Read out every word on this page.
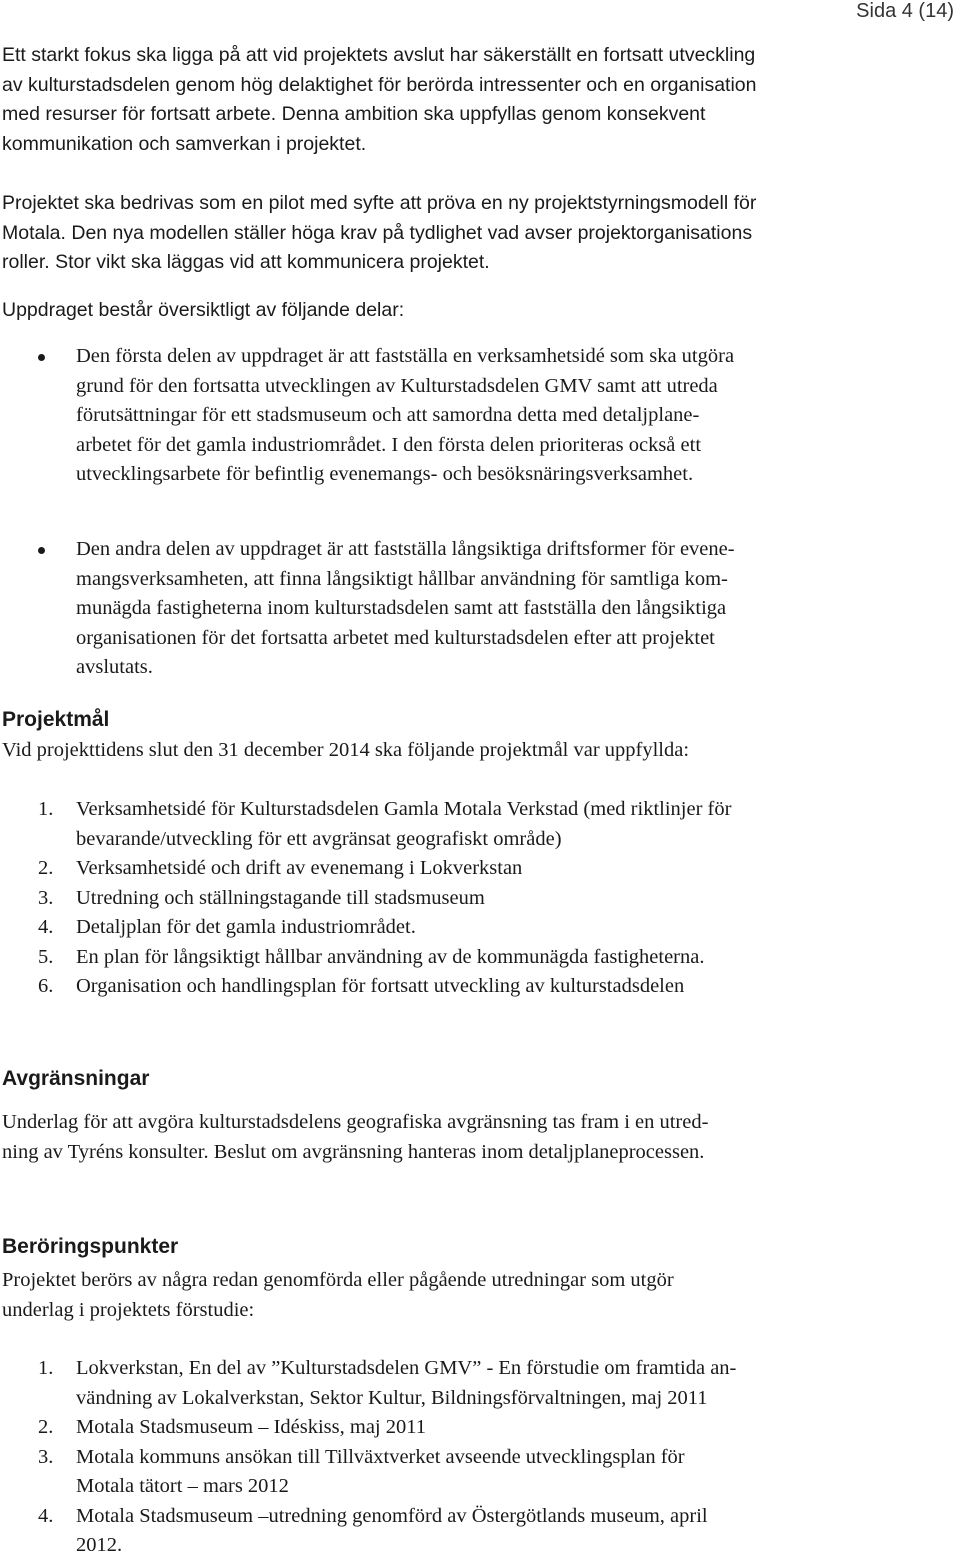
Sida 4 (14)
Ett starkt fokus ska ligga på att vid projektets avslut har säkerställt en fortsatt utveckling
av kulturstadsdelen genom hög delaktighet för berörda intressenter och en organisation
med resurser för fortsatt arbete. Denna ambition ska uppfyllas genom konsekvent
kommunikation och samverkan i projektet.
Projektet ska bedrivas som en pilot med syfte att pröva en ny projektstyrningsmodell för
Motala. Den nya modellen ställer höga krav på tydlighet vad avser projektorganisations
roller. Stor vikt ska läggas vid att kommunicera projektet.
Uppdraget består översiktligt av följande delar:
Den första delen av uppdraget är att fastställa en verksamhetsidé som ska utgöra
grund för den fortsatta utvecklingen av Kulturstadsdelen GMV samt att utreda
förutsättningar för ett stadsmuseum och att samordna detta med detaljplane-
arbetet för det gamla industriområdet. I den första delen prioriteras också ett
utvecklingsarbete för befintlig evenemangs- och besöksnäringsverksamhet.
Den andra delen av uppdraget är att fastställa långsiktiga driftsformer för evene-
mangsverksamheten, att finna långsiktigt hållbar användning för samtliga kom-
munägda fastigheterna inom kulturstadsdelen samt att fastställa den långsiktiga
organisationen för det fortsatta arbetet med kulturstadsdelen efter att projektet
avslutats.
Projektmål
Vid projekttidens slut den 31 december 2014 ska följande projektmål var uppfyllda:
1. Verksamhetsidé för Kulturstadsdelen Gamla Motala Verkstad (med riktlinjer för
bevarande/utveckling för ett avgränsat geografiskt område)
2. Verksamhetsidé och drift av evenemang i Lokverkstan
3. Utredning och ställningstagande till stadsmuseum
4. Detaljplan för det gamla industriområdet.
5. En plan för långsiktigt hållbar användning av de kommunägda fastigheterna.
6. Organisation och handlingsplan för fortsatt utveckling av kulturstadsdelen
Avgränsningar
Underlag för att avgöra kulturstadsdelens geografiska avgränsning tas fram i en utred-
ning av Tyréns konsulter. Beslut om avgränsning hanteras inom detaljplaneprocessen.
Beröringspunkter
Projektet berörs av några redan genomförda eller pågående utredningar som utgör
underlag i projektets förstudie:
1. Lokverkstan, En del av ”Kulturstadsdelen GMV” - En förstudie om framtida an-
vändning av Lokalverkstan, Sektor Kultur, Bildningsförvaltningen, maj 2011
2. Motala Stadsmuseum – Idéskiss, maj 2011
3. Motala kommuns ansökan till Tillväxtverket avseende utvecklingsplan för
Motala tätort – mars 2012
4. Motala Stadsmuseum –utredning genomförd av Östergötlands museum, april
2012.
